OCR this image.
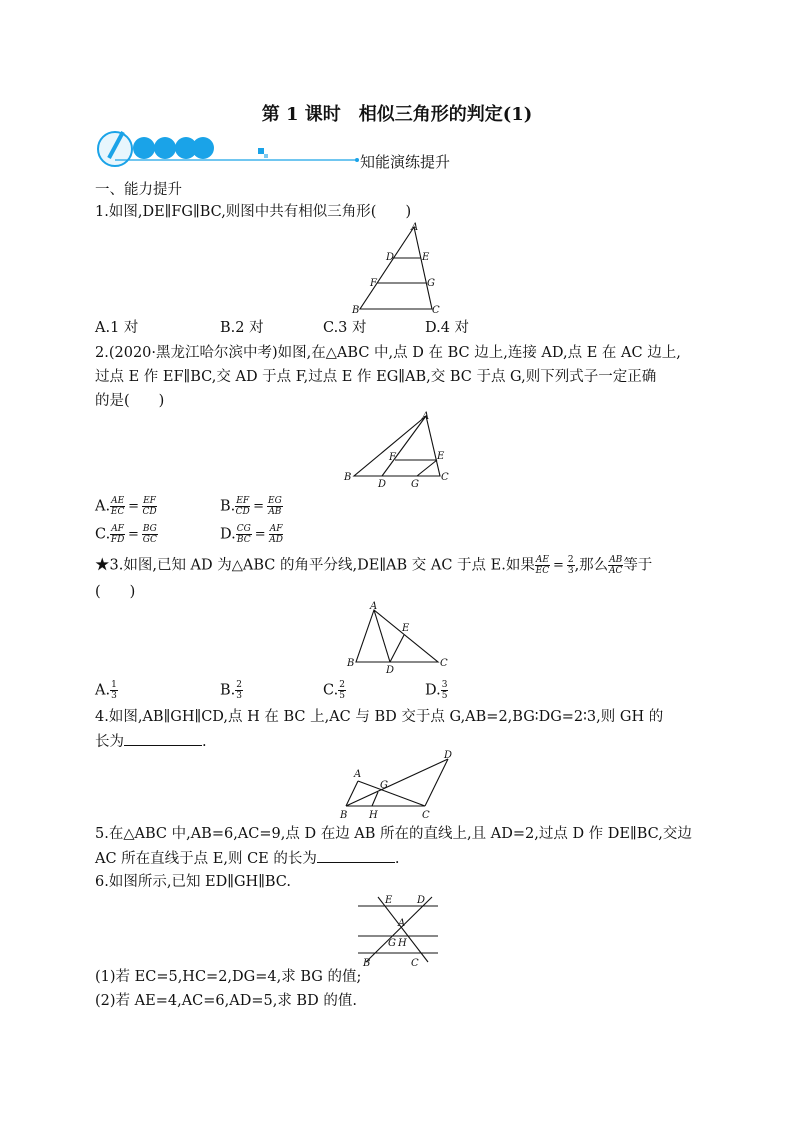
第 1 课时　相似三角形的判定(1)
知能演练提升
一、能力提升
1.如图,DE∥FG∥BC,则图中共有相似三角形(　　)
A
D	E
F	G
B	C
A.1 对	B.2 对	C.3 对	D.4 对
2.(2020·黑龙江哈尔滨中考)如图,在△ABC 中,点 D 在 BC 边上,连接 AD,点 E 在 AC 边上,
过点 E 作 EF∥BC,交 AD 于点 F,过点 E 作 EG∥AB,交 BC 于点 G,则下列式子一定正确
的是(　　)
A
F	E
B
D G
C
A. $\frac{AE}{EC} = \frac{EF}{CD}$	B. $\frac{EF}{CD} = \frac{EG}{AB}$
C. $\frac{AF}{FD} = \frac{BG}{GC}$	D. $\frac{CG}{BC} = \frac{AF}{AD}$
★3.如图,已知 AD 为△ABC 的角平分线,DE∥AB 交 AC 于点 E.如果 $\frac{AE}{EC} = \frac{2}{3}$ ,那么 $\frac{AB}{AC}$ 等于
(　　)
A
E
B
D
C
A. $\frac{1}{3}$	B. $\frac{2}{3}$	C. $\frac{2}{5}$	D. $\frac{3}{5}$
4.如图,AB∥GH∥CD,点 H 在 BC 上,AC 与 BD 交于点 G,AB=2,BG∶DG=2∶3,则 GH 的
长为	.
A
D
G
B H	C
5.在△ABC 中,AB=6,AC=9,点 D 在边 AB 所在的直线上,且 AD=2,过点 D 作 DE∥BC,交边
AC 所在直线于点 E,则 CE 的长为	.
6.如图所示,已知 ED∥GH∥BC.
E D
A
G H
B	C
(1)若 EC=5,HC=2,DG=4,求 BG 的值;
(2)若 AE=4,AC=6,AD=5,求 BD 的值.
